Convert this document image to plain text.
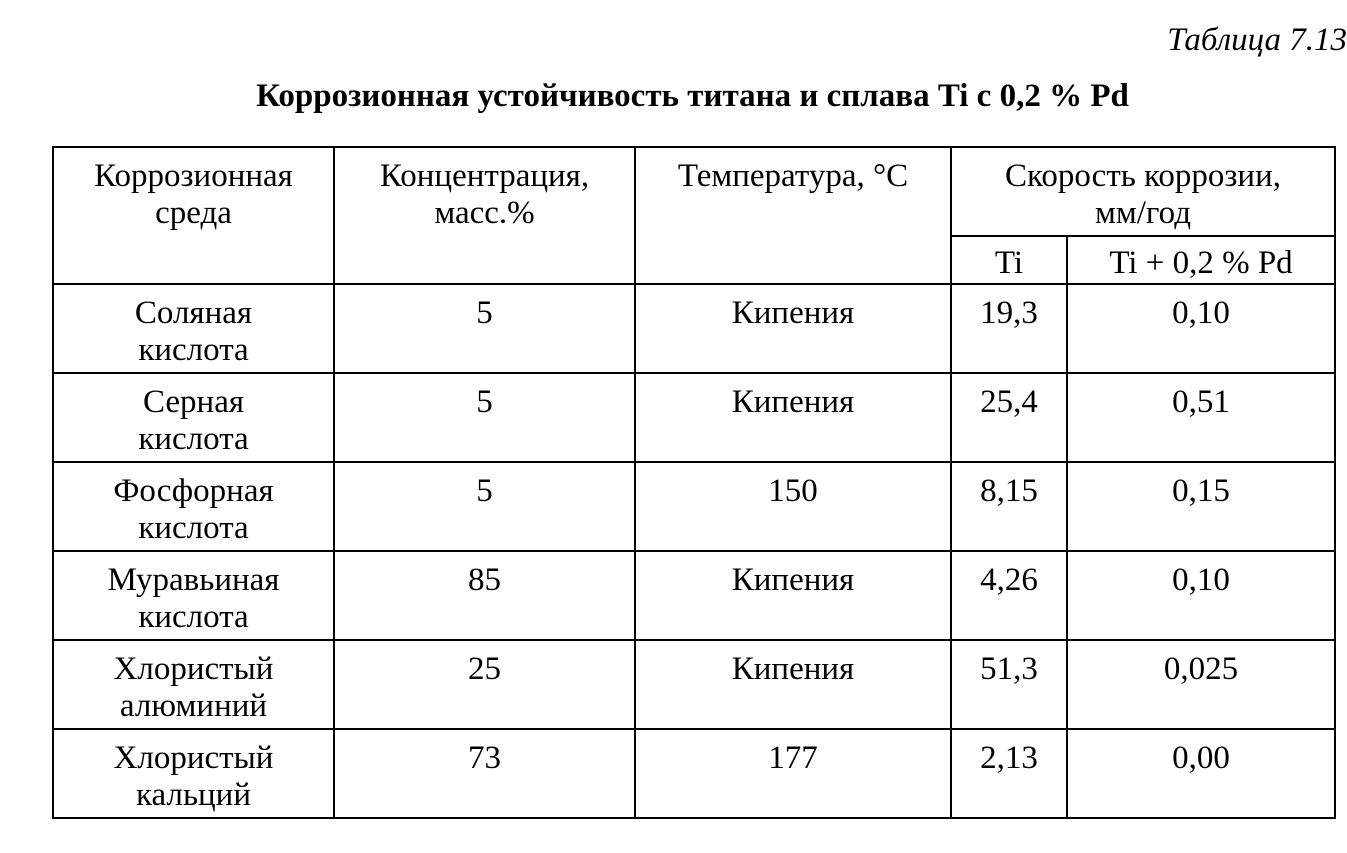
Таблица 7.13
Коррозионная устойчивость титана и сплава Ti с 0,2 % Pd
Коррозионная
среда	Концентрация,
масс.%	Температура, °С	Скорость коррозии,
мм/год	

			Ti	Ti + 0,2 % Pd

Соляная
кислота	5	Кипения	19,3	0,10

Серная
кислота	5	Кипения	25,4	0,51

Фосфорная
кислота	5	150	8,15	0,15

Муравьиная
кислота	85	Кипения	4,26	0,10

Хлористый
алюминий	25	Кипения	51,3	0,025

Хлористый
кальций	73	177	2,13	0,00
